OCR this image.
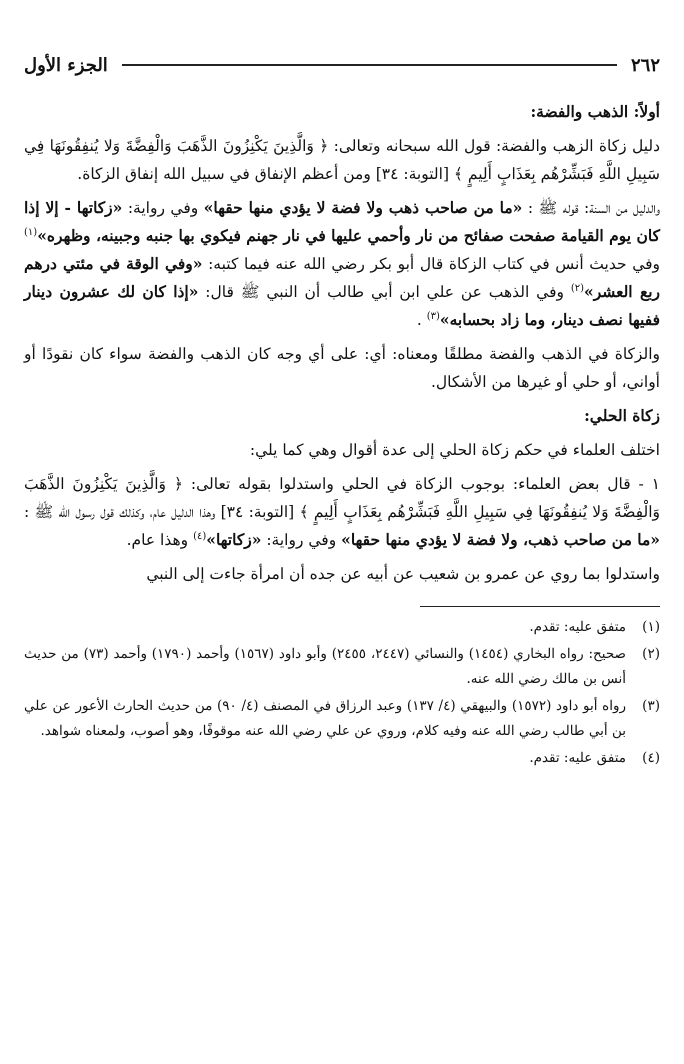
٢٦٢
الجزء الأول

أولاً: الذهب والفضة:

دليل زكاة الزهب والفضة: قول الله سبحانه وتعالى: ﴿ وَالَّذِينَ يَكْنِزُونَ الذَّهَبَ وَالْفِضَّةَ وَلا يُنفِقُونَهَا فِي سَبِيلِ اللَّهِ فَبَشِّرْهُم بِعَذَابٍ أَلِيمٍ ﴾ [التوبة: ٣٤] ومن أعظم الإنفاق في سبيل الله إنفاق الزكاة.

والدليل من السنة: قوله ﷺ : «ما من صاحب ذهب ولا فضة لا يؤدي منها حقها» وفي رواية: «زكاتها - إلا إذا كان يوم القيامة صفحت صفائح من نار وأحمي عليها في نار جهنم فيكوي بها جنبه وجبينه، وظهره»$^{(١)}$ وفي حديث أنس في كتاب الزكاة قال أبو بكر رضي الله عنه فيما كتبه: «وفي الوقة في مئتي درهم ربع العشر»$^{(٢)}$ وفي الذهب عن علي ابن أبي طالب أن النبي ﷺ قال: «إذا كان لك عشرون دينار ففيها نصف دينار، وما زاد بحسابه»$^{(٣)}$ .

والزكاة في الذهب والفضة مطلقًا ومعناه: أي: على أي وجه كان الذهب والفضة سواء كان نقودًا أو أواني، أو حلي أو غيرها من الأشكال.

زكاة الحلي:

اختلف العلماء في حكم زكاة الحلي إلى عدة أقوال وهي كما يلي:

١ - قال بعض العلماء: بوجوب الزكاة في الحلي واستدلوا بقوله تعالى: ﴿ وَالَّذِينَ يَكْنِزُونَ الذَّهَبَ وَالْفِضَّةَ وَلا يُنفِقُونَهَا فِي سَبِيلِ اللَّهِ فَبَشِّرْهُم بِعَذَابٍ أَلِيمٍ ﴾ [التوبة: ٣٤] وهذا الدليل عام، وكذلك قول رسول الله ﷺ : «ما من صاحب ذهب، ولا فضة لا يؤدي منها حقها» وفي رواية: «زكاتها»$^{(٤)}$ وهذا عام.

واستدلوا بما روي عن عمرو بن شعيب عن أبيه عن جده أن امرأة جاءت إلى النبي

(١)
متفق عليه: تقدم.
(٢)
صحيح: رواه البخاري (١٤٥٤) والنسائي (٢٤٤٧، ٢٤٥٥) وأبو داود (١٥٦٧) وأحمد (١٧٩٠) وأحمد (٧٣) من حديث أنس بن مالك رضي الله عنه.
(٣)
رواه أبو داود (١٥٧٢) والبيهقي (٤/ ١٣٧) وعبد الرزاق في المصنف (٤/ ٩٠) من حديث الحارث الأعور عن علي بن أبي طالب رضي الله عنه وفيه كلام، وروي عن علي رضي الله عنه موقوفًا، وهو أصوب، ولمعناه شواهد.
(٤)
متفق عليه: تقدم.
